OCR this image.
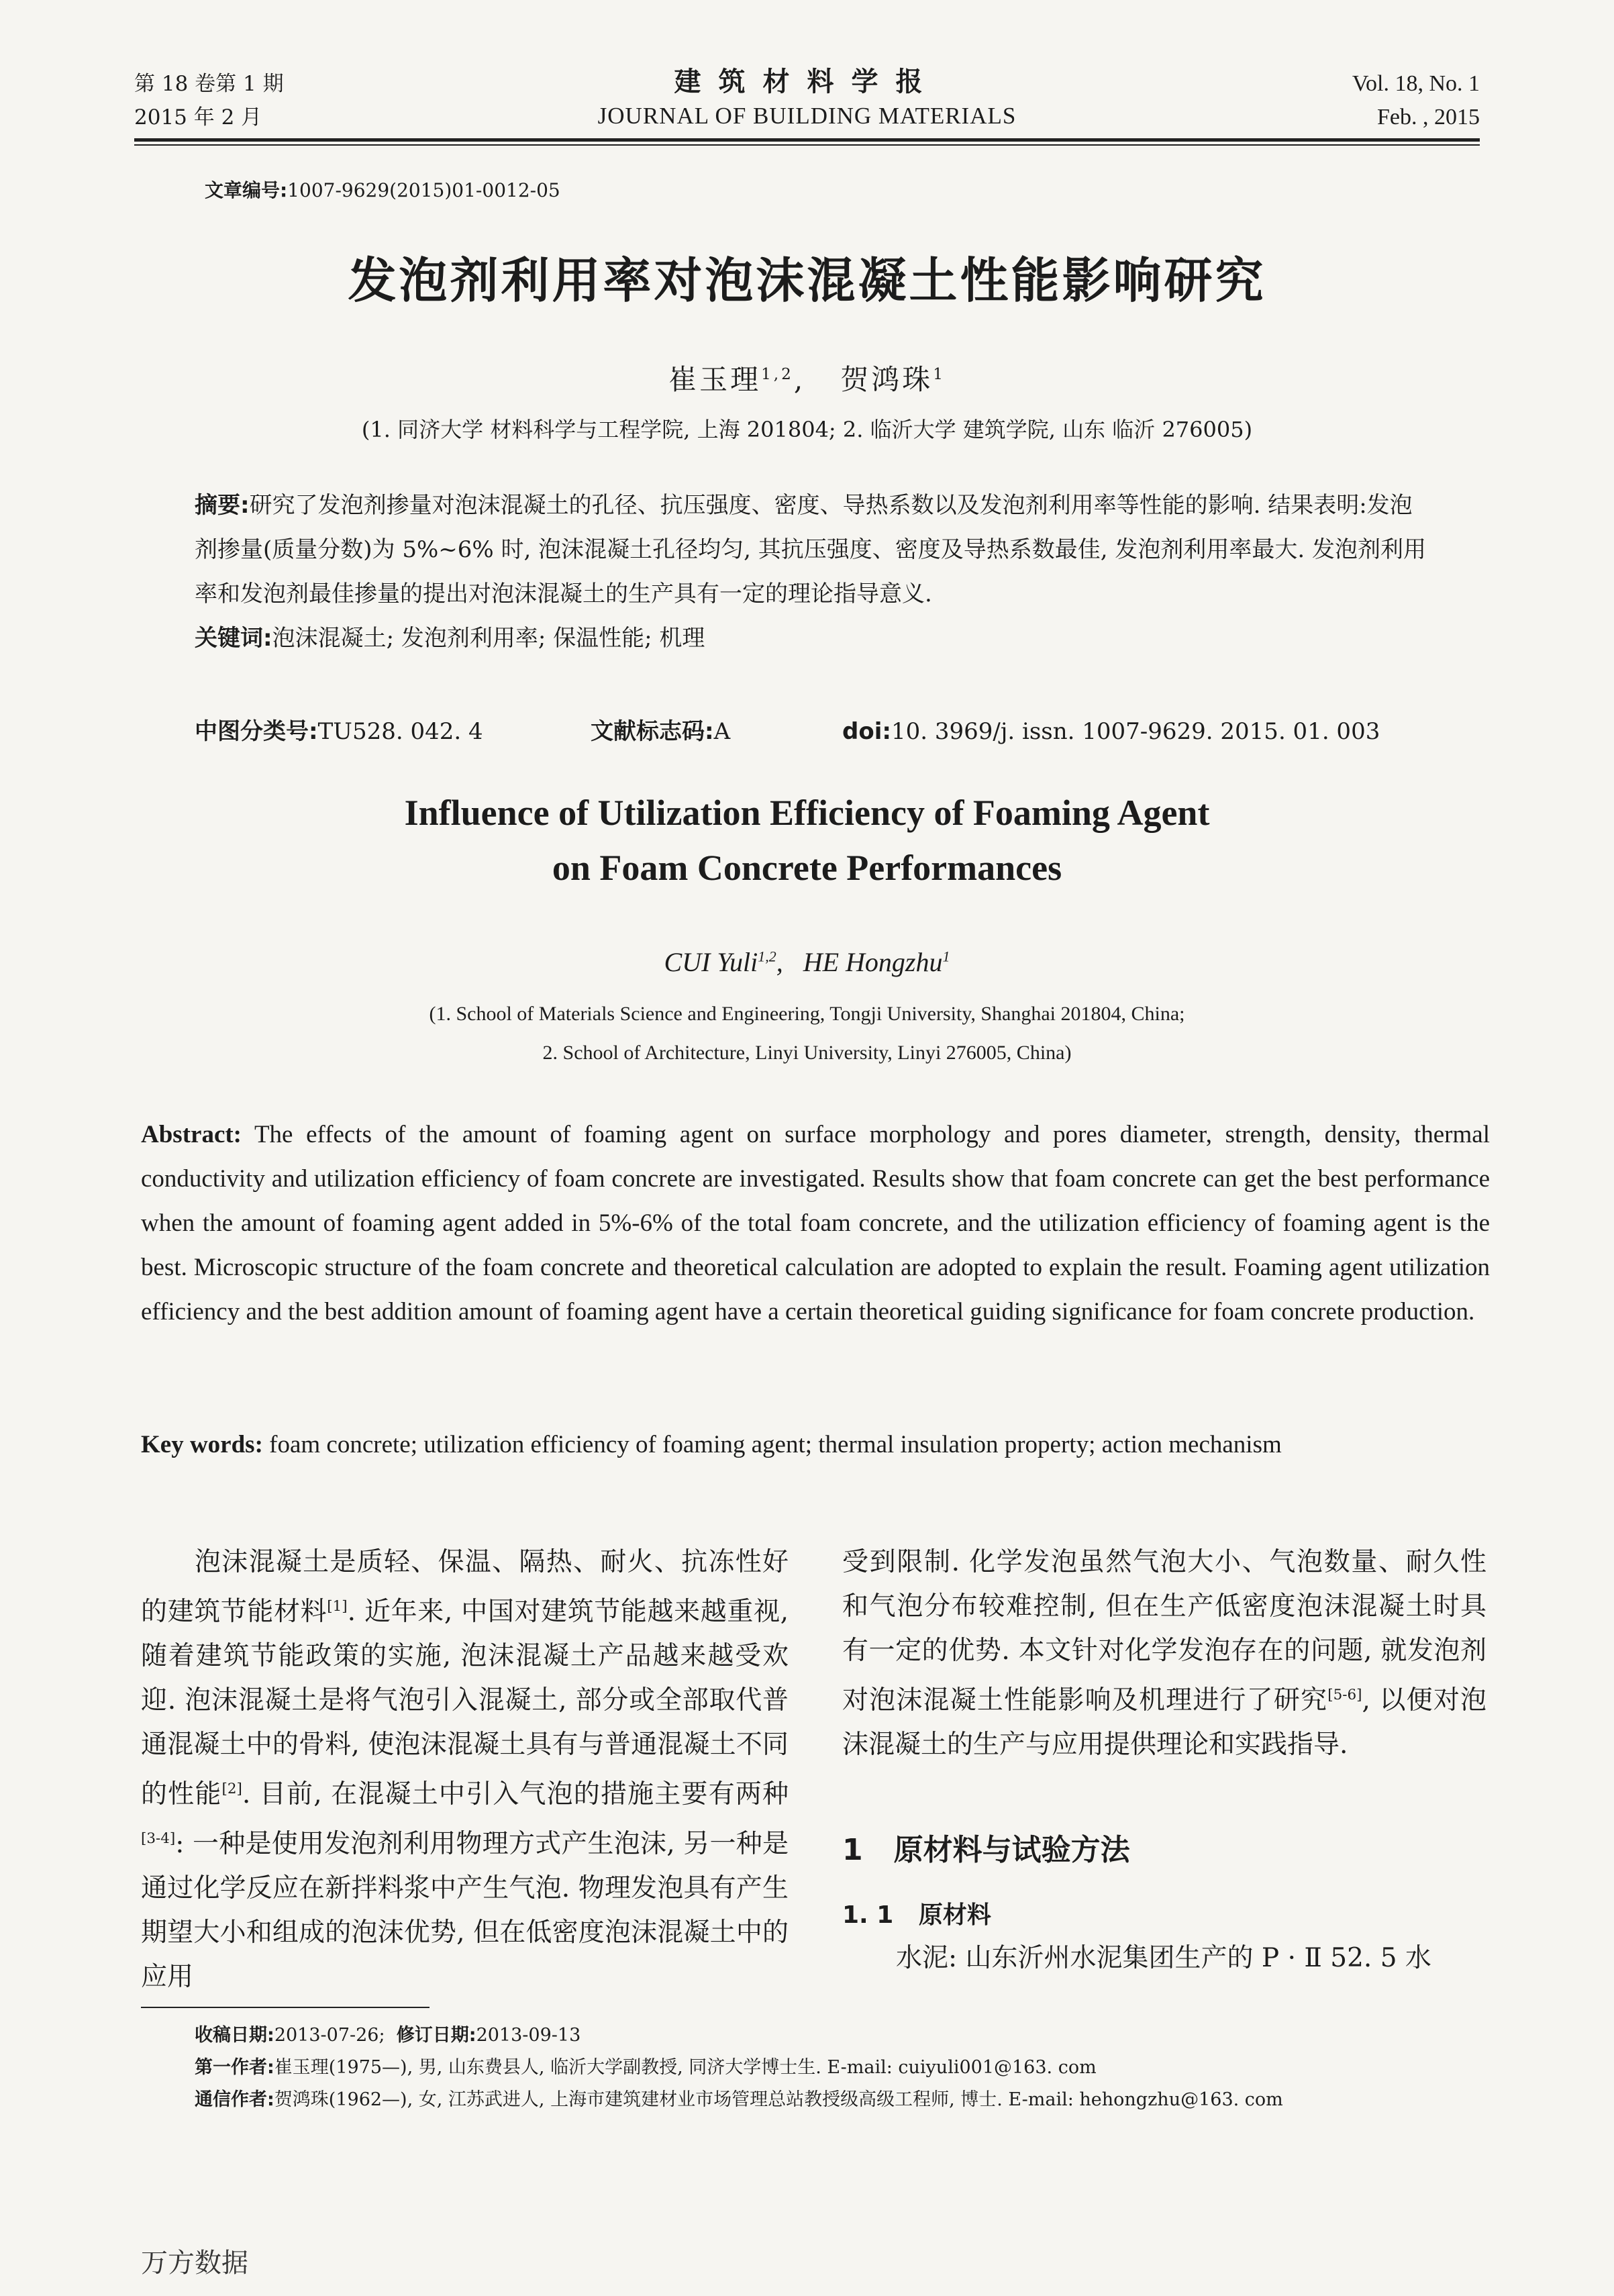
第 18 卷第 1 期
2015 年 2 月
建筑材料学报
JOURNAL OF BUILDING MATERIALS
Vol. 18, No. 1
Feb. , 2015
文章编号:1007-9629(2015)01-0012-05
发泡剂利用率对泡沫混凝土性能影响研究
崔玉理$^{1,2}$,   贺鸿珠$^1$
(1. 同济大学 材料科学与工程学院, 上海 201804; 2. 临沂大学 建筑学院, 山东 临沂 276005)
摘要:研究了发泡剂掺量对泡沫混凝土的孔径、抗压强度、密度、导热系数以及发泡剂利用率等性能的影响. 结果表明:发泡剂掺量(质量分数)为 5%~6% 时, 泡沫混凝土孔径均匀, 其抗压强度、密度及导热系数最佳, 发泡剂利用率最大. 发泡剂利用率和发泡剂最佳掺量的提出对泡沫混凝土的生产具有一定的理论指导意义.
关键词:泡沫混凝土; 发泡剂利用率; 保温性能; 机理
中图分类号:TU528. 042. 4	文献标志码:A	doi:10. 3969/j. issn. 1007-9629. 2015. 01. 003
Influence of Utilization Efficiency of Foaming Agent
on Foam Concrete Performances
CUI Yuli$^{1,2}$,   HE Hongzhu$^1$
(1. School of Materials Science and Engineering, Tongji University, Shanghai 201804, China;
2. School of Architecture, Linyi University, Linyi 276005, China)
Abstract: The effects of the amount of foaming agent on surface morphology and pores diameter, strength, density, thermal conductivity and utilization efficiency of foam concrete are investigated. Results show that foam concrete can get the best performance when the amount of foaming agent added in 5%-6% of the total foam concrete, and the utilization efficiency of foaming agent is the best. Microscopic structure of the foam concrete and theoretical calculation are adopted to explain the result. Foaming agent utilization efficiency and the best addition amount of foaming agent have a certain theoretical guiding significance for foam concrete production.
Key words: foam concrete; utilization efficiency of foaming agent; thermal insulation property; action mechanism

泡沫混凝土是质轻、保温、隔热、耐火、抗冻性好的建筑节能材料[1]. 近年来, 中国对建筑节能越来越重视, 随着建筑节能政策的实施, 泡沫混凝土产品越来越受欢迎. 泡沫混凝土是将气泡引入混凝土, 部分或全部取代普通混凝土中的骨料, 使泡沫混凝土具有与普通混凝土不同的性能[2]. 目前, 在混凝土中引入气泡的措施主要有两种[3-4]: 一种是使用发泡剂利用物理方式产生泡沫, 另一种是通过化学反应在新拌料浆中产生气泡. 物理发泡具有产生期望大小和组成的泡沫优势, 但在低密度泡沫混凝土中的应用

受到限制. 化学发泡虽然气泡大小、气泡数量、耐久性和气泡分布较难控制, 但在生产低密度泡沫混凝土时具有一定的优势. 本文针对化学发泡存在的问题, 就发泡剂对泡沫混凝土性能影响及机理进行了研究[5-6], 以便对泡沫混凝土的生产与应用提供理论和实践指导.

1 原材料与试验方法
1. 1 原材料
水泥: 山东沂州水泥集团生产的 P · Ⅱ 52. 5 水
收稿日期:2013-07-26; 修订日期:2013-09-13
第一作者:崔玉理(1975—), 男, 山东费县人, 临沂大学副教授, 同济大学博士生. E-mail: cuiyuli001@163. com
通信作者:贺鸿珠(1962—), 女, 江苏武进人, 上海市建筑建材业市场管理总站教授级高级工程师, 博士. E-mail: hehongzhu@163. com
万方数据
